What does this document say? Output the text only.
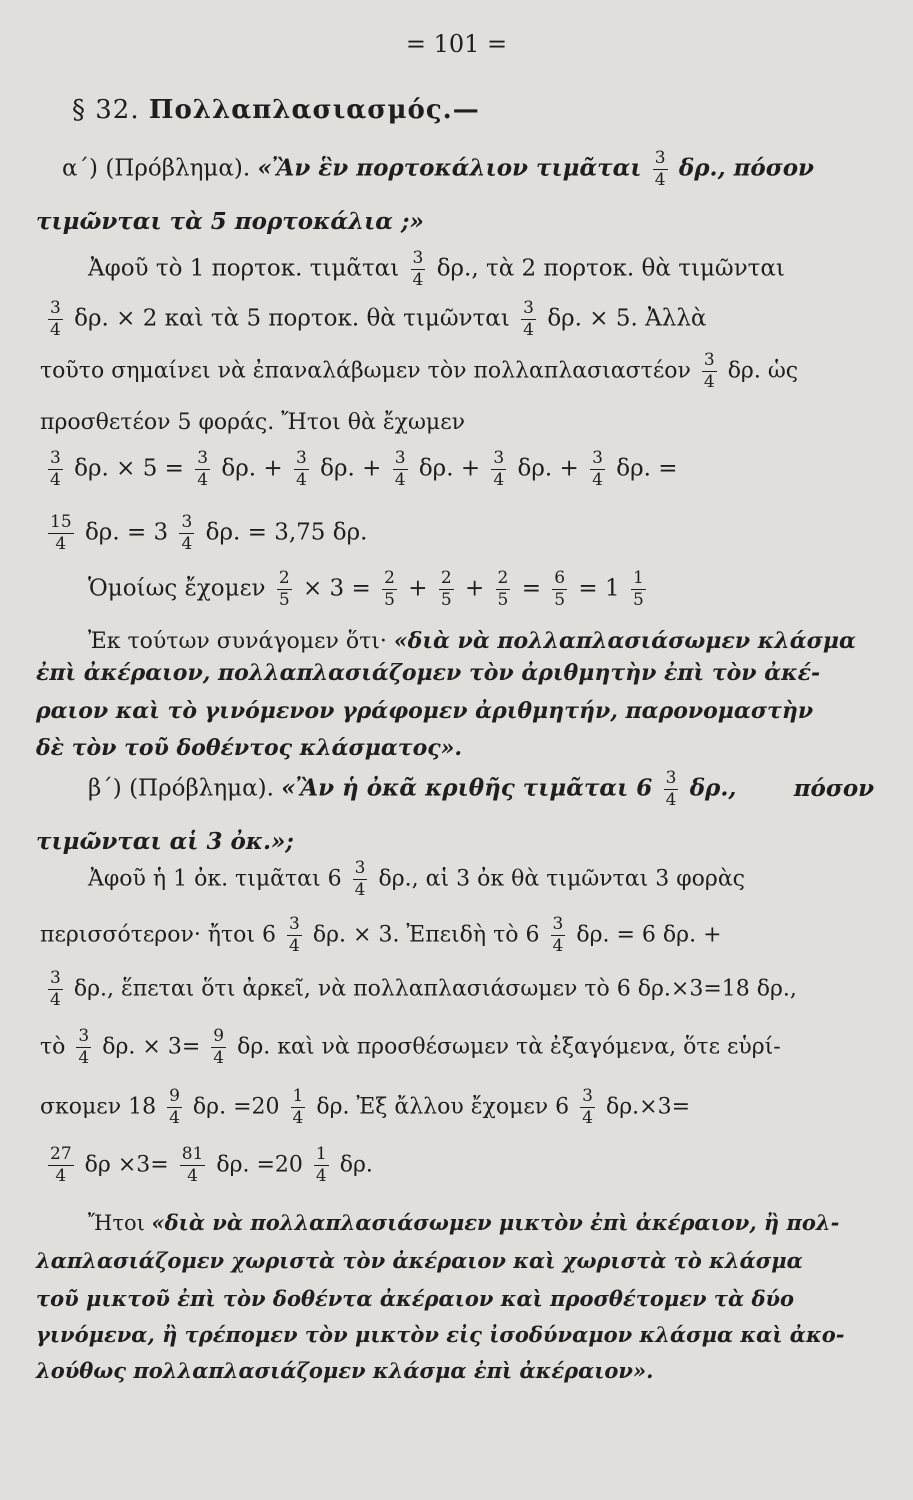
= 101 =
§ 32. Πολλαπλασιασμός.—
α΄) (Πρόβλημα). «Ἂν ἓν πορτοκάλιον τιμᾶται $\frac{3}{4} \delta\rho$., πόσον
τιμῶνται τὰ 5 πορτοκάλια ;»
Ἀφοῦ τὸ 1 πορτοκ. τιμᾶται $\frac{3}{4} \delta\rho$., τὰ 2 πορτοκ. θὰ τιμῶνται
$\frac{3}{4} \delta\rho$. × 2 καὶ τὰ 5 πορτοκ. θὰ τιμῶνται $\frac{3}{4} \delta\rho$. × 5. Ἀλλὰ
τοῦτο σημαίνει νὰ ἐπαναλάβωμεν τὸν πολλαπλασιαστέον $\frac{3}{4} \delta\rho$. ὡς
προσθετέον 5 φοράς. Ἤτοι θὰ ἔχωμεν
$\frac{3}{4} \delta\rho$. × $5 = \frac{3}{4} \delta\rho$. + $\frac{3}{4} \delta\rho$. + $\frac{3}{4} \delta\rho$. + $\frac{3}{4} \delta\rho$. + $\frac{3}{4} \delta\rho$. =
$\frac{15}{4} \delta\rho$. = $3 \frac{3}{4} \delta\rho$. = 3,75 δρ.
Ὁμοίως ἔχομεν $\frac{2}{5} \times 3 = \frac{2}{5} + \frac{2}{5} + \frac{2}{5} = \frac{6}{5} = 1 \frac{1}{5}$
Ἐκ τούτων συνάγομεν ὅτι· «διὰ νὰ πολλαπλασιάσωμεν κλάσμα
ἐπὶ ἀκέραιον, πολλαπλασιάζομεν τὸν ἀριθμητὴν ἐπὶ τὸν ἀκέ-
ραιον καὶ τὸ γινόμενον γράφομεν ἀριθμητήν, παρονομαστὴν
δὲ τὸν τοῦ δοθέντος κλάσματος».
β΄) (Πρόβλημα). «Ἂν ἡ ὀκᾶ κριθῆς τιμᾶται $6 \frac{3}{4} \delta\rho$., πόσον
τιμῶνται αἱ 3 ὀκ.»;
Ἀφοῦ ἡ 1 ὀκ. τιμᾶται $6 \frac{3}{4} \delta\rho$., αἱ 3 ὀκ θὰ τιμῶνται 3 φορὰς
περισσότερον· ἤτοι $6 \frac{3}{4} \delta\rho$. × 3. Ἐπειδὴ τὸ $6 \frac{3}{4} \delta\rho$. = 6 δρ. +
$\frac{3}{4} \delta\rho$., ἕπεται ὅτι ἀρκεῖ, νὰ πολλαπλασιάσωμεν τὸ 6 δρ.×3=18 δρ.,
τὸ $\frac{3}{4} \delta\rho$. × $3= \frac{9}{4} \delta\rho$. καὶ νὰ προσθέσωμεν τὰ ἐξαγόμενα, ὅτε εὑρί-
σκομεν $18 \frac{9}{4} \delta\rho$. $=20 \frac{1}{4} \delta\rho$. Ἐξ ἄλλου ἔχομεν $6 \frac{3}{4} \delta\rho.\times 3=$
$\frac{27}{4}$ $\delta\rho \times 3= \frac{81}{4} \delta\rho$. $=20 \frac{1}{4} \delta\rho$.
Ἤτοι «διὰ νὰ πολλαπλασιάσωμεν μικτὸν ἐπὶ ἀκέραιον, ἢ πολ-
λαπλασιάζομεν χωριστὰ τὸν ἀκέραιον καὶ χωριστὰ τὸ κλάσμα
τοῦ μικτοῦ ἐπὶ τὸν δοθέντα ἀκέραιον καὶ προσθέτομεν τὰ δύο
γινόμενα, ἢ τρέπομεν τὸν μικτὸν εἰς ἰσοδύναμον κλάσμα καὶ ἀκο-
λούθως πολλαπλασιάζομεν κλάσμα ἐπὶ ἀκέραιον».
